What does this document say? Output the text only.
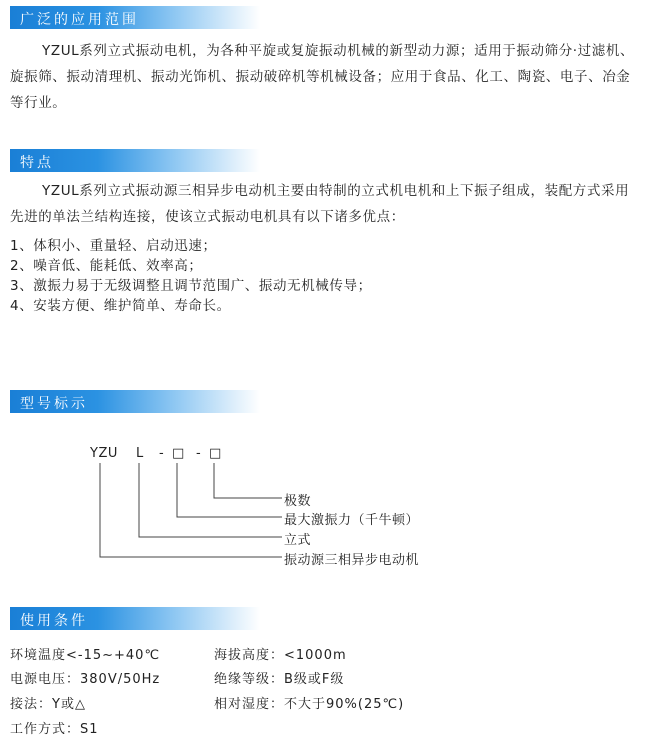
广泛的应用范围
YZUL系列立式振动电机，为各种平旋或复旋振动机械的新型动力源；适用于振动筛分·过滤机、旋振筛、振动清理机、振动光饰机、振动破碎机等机械设备；应用于食品、化工、陶瓷、电子、冶金等行业。
特点
YZUL系列立式振动源三相异步电动机主要由特制的立式机电机和上下振子组成，装配方式采用先进的单法兰结构连接，使该立式振动电机具有以下诸多优点：
1、体积小、重量轻、启动迅速；
2、噪音低、能耗低、效率高；
3、激振力易于无级调整且调节范围广、振动无机械传导；
4、安装方便、维护简单、寿命长。
型号标示
YZU L - □ - □
极数
最大激振力（千牛顿）
立式
振动源三相异步电动机
使用条件
环境温度<-15~+40℃	海拔高度：<1000m
电源电压：380V/50Hz	绝缘等级：B级或F级
接法：Y或△	相对湿度：不大于90%(25℃)
工作方式：S1
